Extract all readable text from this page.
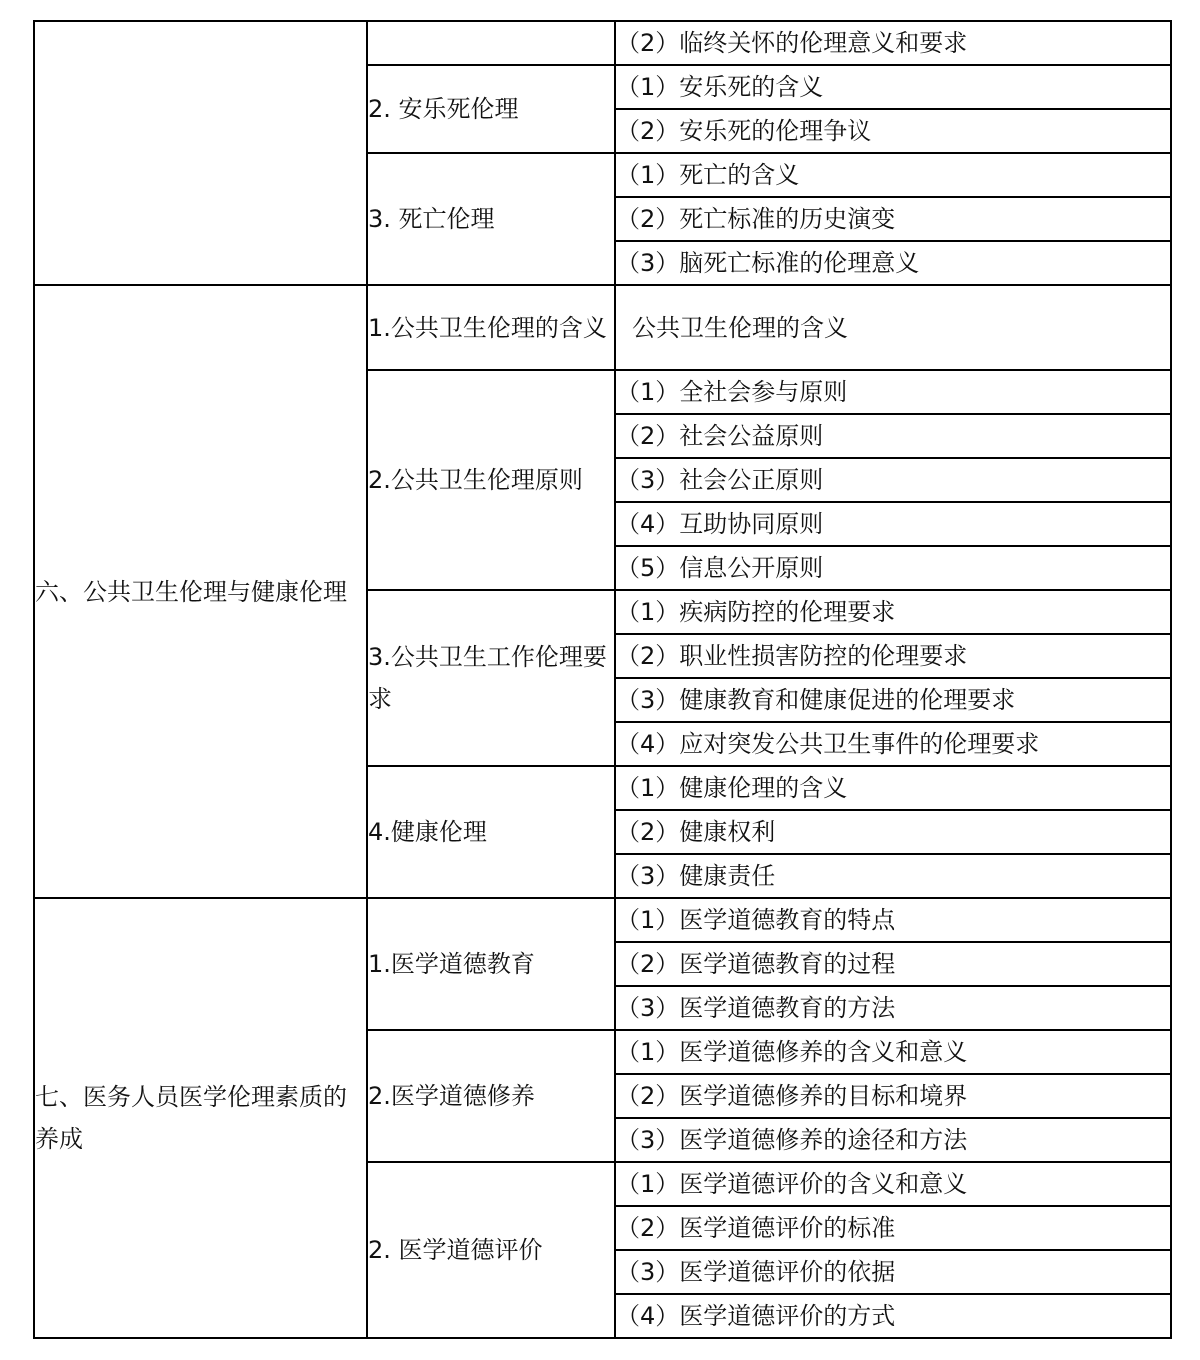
		（2）临终关怀的伦理意义和要求
	2. 安乐死伦理	（1）安乐死的含义
		（2）安乐死的伦理争议
	3. 死亡伦理	（1）死亡的含义
		（2）死亡标准的历史演变
		（3）脑死亡标准的伦理意义
六、公共卫生伦理与健康伦理	1.公共卫生伦理的含义	公共卫生伦理的含义
	2.公共卫生伦理原则	（1）全社会参与原则
		（2）社会公益原则
		（3）社会公正原则
		（4）互助协同原则
		（5）信息公开原则
	3.公共卫生工作伦理要求	（1）疾病防控的伦理要求
		（2）职业性损害防控的伦理要求
		（3）健康教育和健康促进的伦理要求
		（4）应对突发公共卫生事件的伦理要求
	4.健康伦理	（1）健康伦理的含义
		（2）健康权利
		（3）健康责任
七、医务人员医学伦理素质的养成	1.医学道德教育	（1）医学道德教育的特点
		（2）医学道德教育的过程
		（3）医学道德教育的方法
	2.医学道德修养	（1）医学道德修养的含义和意义
		（2）医学道德修养的目标和境界
		（3）医学道德修养的途径和方法
	2. 医学道德评价	（1）医学道德评价的含义和意义
		（2）医学道德评价的标准
		（3）医学道德评价的依据
		（4）医学道德评价的方式
